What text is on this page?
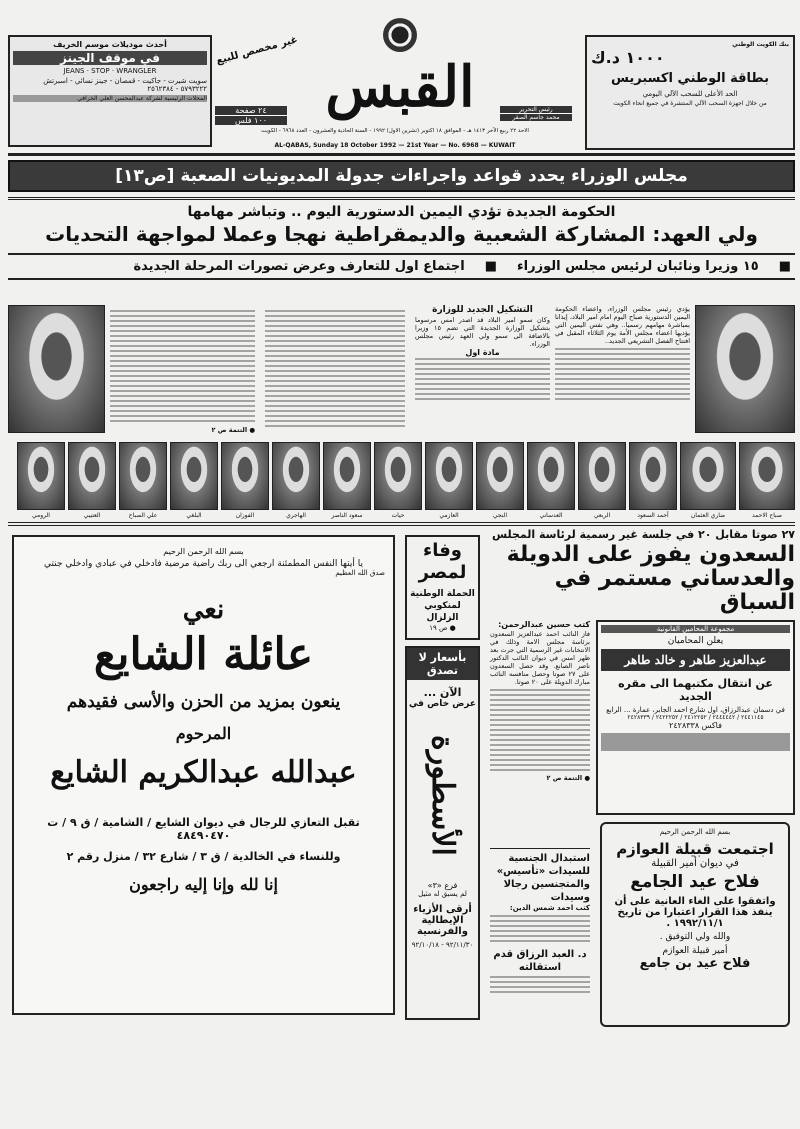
أحدث موديلات موسم الخريف
في موقف الجينز
JEANS · STOP · WRANGLER
سويت شيرت - جاكيت - قمصان - جينز نسائي - اسبرتش
٥٧٩٣٢٢٢ - ٢٥٦٢٣٨٤
المحلات الرئيسية لشركة عبدالمحسن العلي الخرافي
غير مخصص للبيع
٢٤ صفحة
١٠٠ فلس
القبس	رئيس التحرير
محمد جاسم الصقر
الاحد ٢٢ ربيع الآخر ١٤١٣ هـ - الموافق ١٨ اكتوبر (تشرين الاول) ١٩٩٢ - السنة الحادية والعشرون - العدد ٦٩٦٨ - الكويت
AL-QABAS, Sunday 18 October 1992 — 21st Year — No. 6968 — KUWAIT
بنك الكويت الوطني
١٠٠٠ د.ك
بطاقة الوطني اكسبريس
الحد الأعلى للسحب الآلي اليومي
من خلال اجهزة السحب الآلي المنتشرة في جميع انحاء الكويت
مجلس الوزراء يحدد قواعد واجراءات جدولة المديونيات الصعبة [ص١٣]
الحكومة الجديدة تؤدي اليمين الدستورية اليوم .. وتباشر مهامها
ولي العهد: المشاركة الشعبية والديمقراطية نهجا وعملا لمواجهة التحديات
■
١٥ وزيرا ونائبان لرئيس مجلس الوزراء
■
اجتماع اول للتعارف وعرض تصورات المرحلة الجديدة
يؤدي رئيس مجلس الوزراء، واعضاء الحكومة اليمين الدستورية صباح اليوم امام امير البلاد، إيذانا بمباشرة مهامهم رسميا.. وهي نفس اليمين التي يؤديها اعضاء مجلس الأمة يوم الثلاثاء المقبل في افتتاح الفصل التشريعي الجديد..
التشكيل الجديد للوزارة
وكان سمو امير البلاد قد اصدر امس مرسوما بتشكيل الوزارة الجديدة التي تضم ١٥ وزيرا بالاضافة الى سمو ولي العهد رئيس مجلس الوزراء.
مادة اول
● التتمة ص ٢
صباح الاحمد
ضاري العثمان
أحمد السعود
الربعي
العدساني
النجي
العازمي
حيات
سعود الناصر
الهاجري
الفوزان
البلغي
علي الصباح
العتيبي
الرومي
بسم الله الرحمن الرحيم
يا أيتها النفس المطمئنة ارجعي الى ربك راضية مرضية فادخلي في عبادي وادخلي جنتي
صدق الله العظيم
نعي
عائلة الشايع
ينعون بمزيد من الحزن والأسى فقيدهم
المرحوم
عبدالله عبدالكريم الشايع
تقبل التعازي للرجال في ديوان الشايع / الشامية / ق ٩ / ت ٤٨٤٩٠٤٧٠
وللنساء في الخالدية / ق ٣ / شارع ٣٢ / منزل رقم ٢
إنا لله وإنا إليه راجعون
وفاء لمصر
الحملة الوطنية لمنكوبي الزلزال
● ص ١٩
بأسعار لا تصدق
الآن ...
عرض خاص في
الأسطورة
فرع «٣»
لم يسبق له مثيل
أرقى الأزياء الإيطالية والفرنسية
٩٢/١١/٣٠ - ٩٢/١٠/١٨
٢٧ صوتا مقابل ٢٠ في جلسة غير رسمية لرئاسة المجلس
السعدون يفوز على الدويلة والعدساني مستمر في السباق
كتب حسين عبدالرحمن:
فاز النائب احمد عبدالعزيز السعدون برئاسة مجلس الامة وذلك في الانتخابات غير الرسمية التي جرت بعد ظهر امس في ديوان النائب الدكتور ناصر الصانع. وقد حصل السعدون على ٢٧ صوتا وحصل منافسه النائب مبارك الدويلة على ٢٠ صوتا.
● التتمة ص ٢
استبدال الجنسية للسيدات «تأسيس» والمتجنسين رجالا وسيدات
كتب احمد شمس الدين:
د. العبد الرزاق قدم استقالته
مجموعة المحامين القانونية
يعلن المحاميان
عبدالعزيز طاهر و خالد طاهر
عن انتقال مكتبهما الى مقره الجديد
في دسمان عبدالرزاق، اول شارع احمد الجابر، عمارة ... الرابع
٢٤٤١١٤٥ / ٢٤٤٤٤٤٢ / ٢٤١٢٢٥٢ / ٢٤٢٢٢٥٢ / ٢٤٢٨٣٣٩
فاكس ٢٤٢٨٣٣٨
بسم الله الرحمن الرحيم
اجتمعت قبيلة العوازم
في ديوان أمير القبيلة
فلاح عيد الجامع
واتفقوا على الغاء العانية على أن ينفذ هذا القرار اعتبارا من تاريخ ١٩٩٢/١١/١ .
والله ولي التوفيق .
أمير قبيلة العوازم
فلاح عيد بن جامع
